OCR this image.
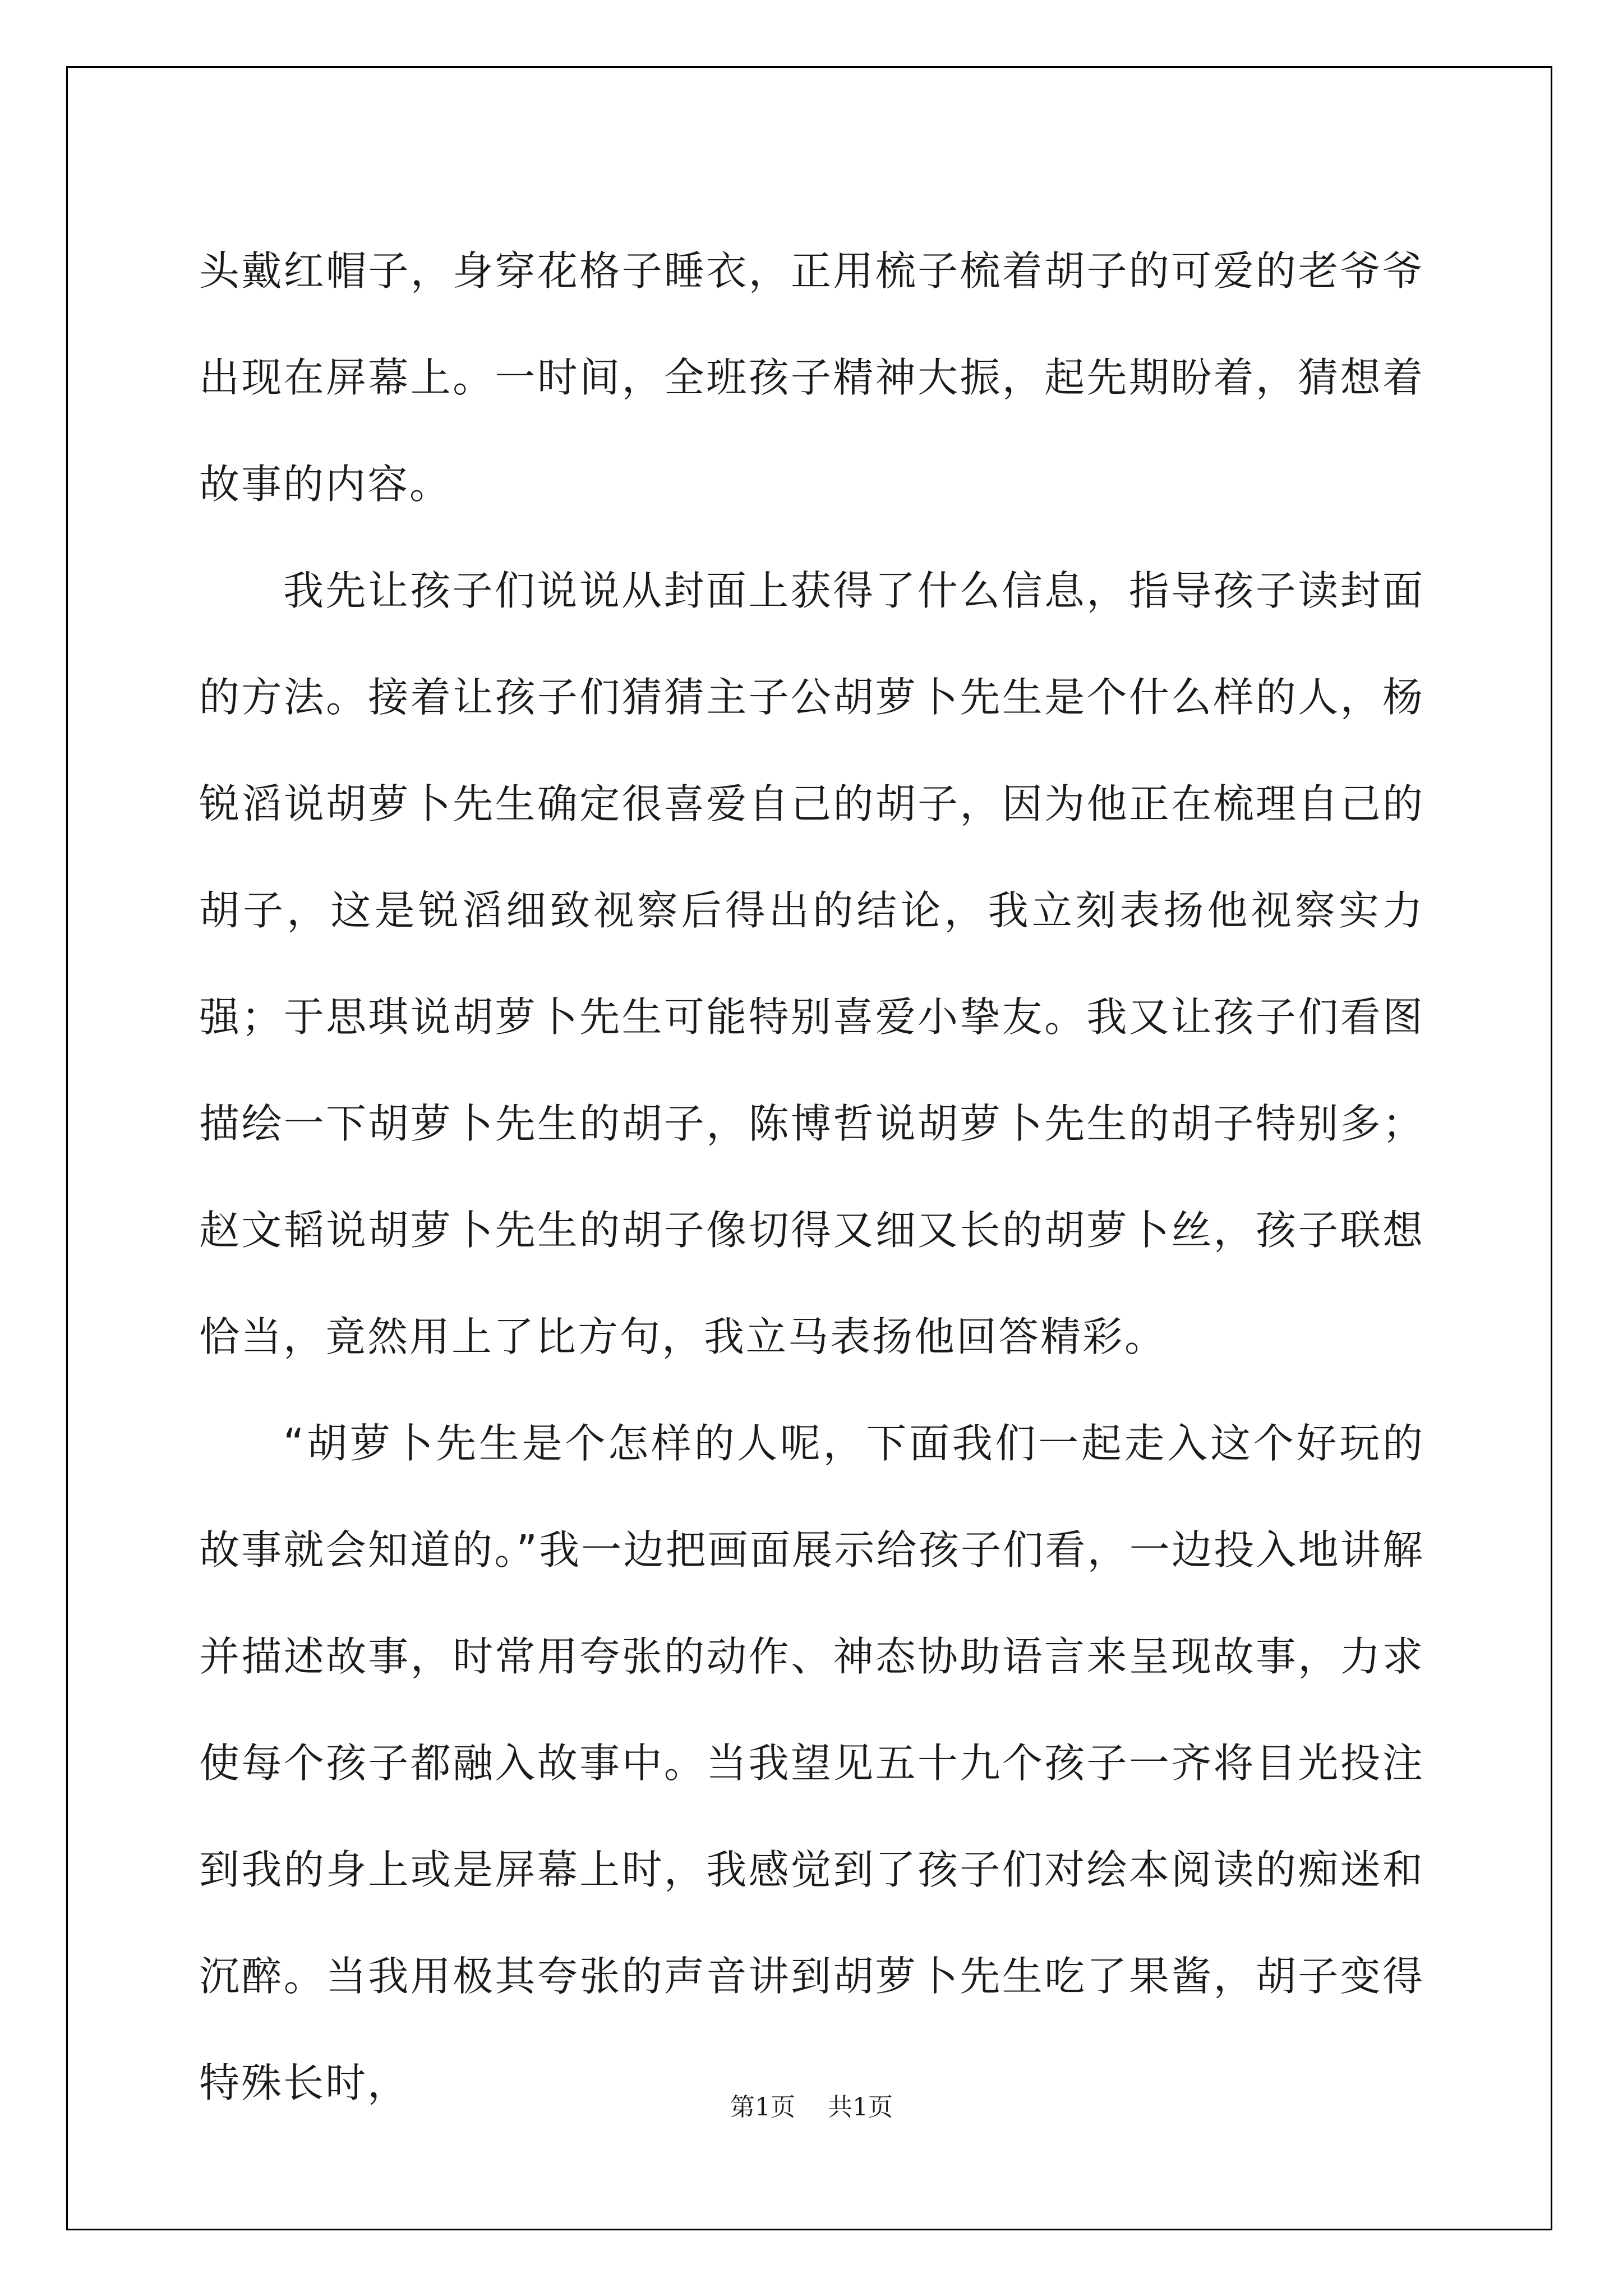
头戴红帽子，身穿花格子睡衣，正用梳子梳着胡子的可爱的老爷爷出现在屏幕上。一时间，全班孩子精神大振，起先期盼着，猜想着故事的内容。

我先让孩子们说说从封面上获得了什么信息，指导孩子读封面的方法。接着让孩子们猜猜主子公胡萝卜先生是个什么样的人，杨锐滔说胡萝卜先生确定很喜爱自己的胡子，因为他正在梳理自己的胡子，这是锐滔细致视察后得出的结论，我立刻表扬他视察实力强；于思琪说胡萝卜先生可能特别喜爱小挚友。我又让孩子们看图描绘一下胡萝卜先生的胡子，陈博哲说胡萝卜先生的胡子特别多；赵文韬说胡萝卜先生的胡子像切得又细又长的胡萝卜丝，孩子联想恰当，竟然用上了比方句，我立马表扬他回答精彩。

“胡萝卜先生是个怎样的人呢，下面我们一起走入这个好玩的故事就会知道的。”我一边把画面展示给孩子们看，一边投入地讲解并描述故事，时常用夸张的动作、神态协助语言来呈现故事，力求使每个孩子都融入故事中。当我望见五十九个孩子一齐将目光投注到我的身上或是屏幕上时，我感觉到了孩子们对绘本阅读的痴迷和沉醉。当我用极其夸张的声音讲到胡萝卜先生吃了果酱，胡子变得特殊长时，

第1页 共1页
